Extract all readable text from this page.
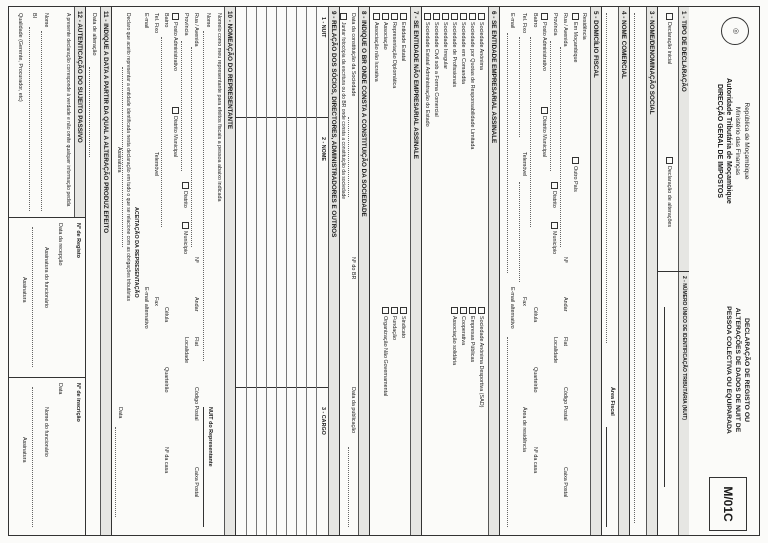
◎
República de Moçambique
Ministério das Finanças
Autoridade Tributária de Moçambique
DIRECÇÃO GERAL DE IMPOSTOS
DECLARAÇÃO DE REGISTO OU
ALTERAÇÕES DE DADOS DE NUIT DE
PESSOA COLECTIVA OU EQUIPARADA
M/01C
1 - TIPO DE DECLARAÇÃO
Declaração inicial
Declaração de alterações
2 - NÚMERO ÚNICO DE IDENTIFICAÇÃO TRIBUTÁRIA (NUIT)
3 - NOME/DENOMINAÇÃO SOCIAL
4 - NOME COMERCIAL
Área Fiscal
5 - DOMICÍLIO FISCAL
Residência
Em Moçambique
Outro País
Rua / Avenida
Nº
Andar
Flat
Código Postal
Caixa Postal
Província
Distrito
Município
Localidade
Posto Administrativo
Distrito Municipal
Bairro
Célula
Quarteirão
Nº da casa
Tel. Fixo
Telemóvel
Fax
Área de residência
E-mail
E-mail alternativo
6 - SE ENTIDADE EMPRESARIAL ASSINALE
Sociedade Anónima
Sociedade por Quotas de Responsabilidade Limitada
Sociedade em Comandita
Sociedade de Profissionais
Sociedade Irregular
Sociedade Civil sob a Forma Comercial
Sociedade Estatal Administração do Estado
Sociedade Anónima Desportiva (SAD)
Empresas Públicas
Cooperativa
Associação solidária
7 - SE ENTIDADE NÃO EMPRESARIAL ASSINALE
Entidade Estatal
Representação Diplomática
Associação
Associação não lucrativa
Sindicato
Fundação
Organização Não Governamental
8 - INDIQUE O BR ONDE CONSTA A CONSTITUIÇÃO DA SOCIEDADE
Data da constituição da Sociedade
Nº do BR
Data da publicação
Juntar fotocópia da escritura ou do BR onde consta a constituição da sociedade
9 - RELAÇÃO DOS SÓCIOS, DIRECTORES, ADMINISTRADORES E OUTROS
1 - NUIT
2 - NOME
3 - CARGO
10 - NOMEAÇÃO DO REPRESENTANTE
Nomeio como meu representante para efeitos fiscais a pessoa abaixo indicada
Nome
NUIT do Representante
Rua / Avenida
Nº
Andar
Flat
Código Postal
Caixa Postal
Província
Distrito
Município
Localidade
Posto Administrativo
Distrito Municipal
Bairro
Célula
Quarteirão
Nº da casa
Tel. Fixo
Telemóvel
Fax
E-mail
E-mail alternativo
ACEITAÇÃO DA REPRESENTAÇÃO
Declaro que aceito representar a entidade identificada nesta declaração em tudo o que se relacione com as obrigações tributárias
Assinatura
Data
11 - INDIQUE A DATA A PARTIR DA QUAL A ALTERAÇÃO PRODUZ EFEITO
Data de alteração
12 - AUTENTICAÇÃO DO SUJEITO PASSIVO
A presente declaração corresponde à verdade e não omite qualquer informação pedida
Nome
BI
Qualidade (Gerente, Procurador, etc)
Nº de Registo
Data da recepção
Assinatura do funcionário
Assinatura
Nº de inscrição
Data
Nome do funcionário
Assinatura
